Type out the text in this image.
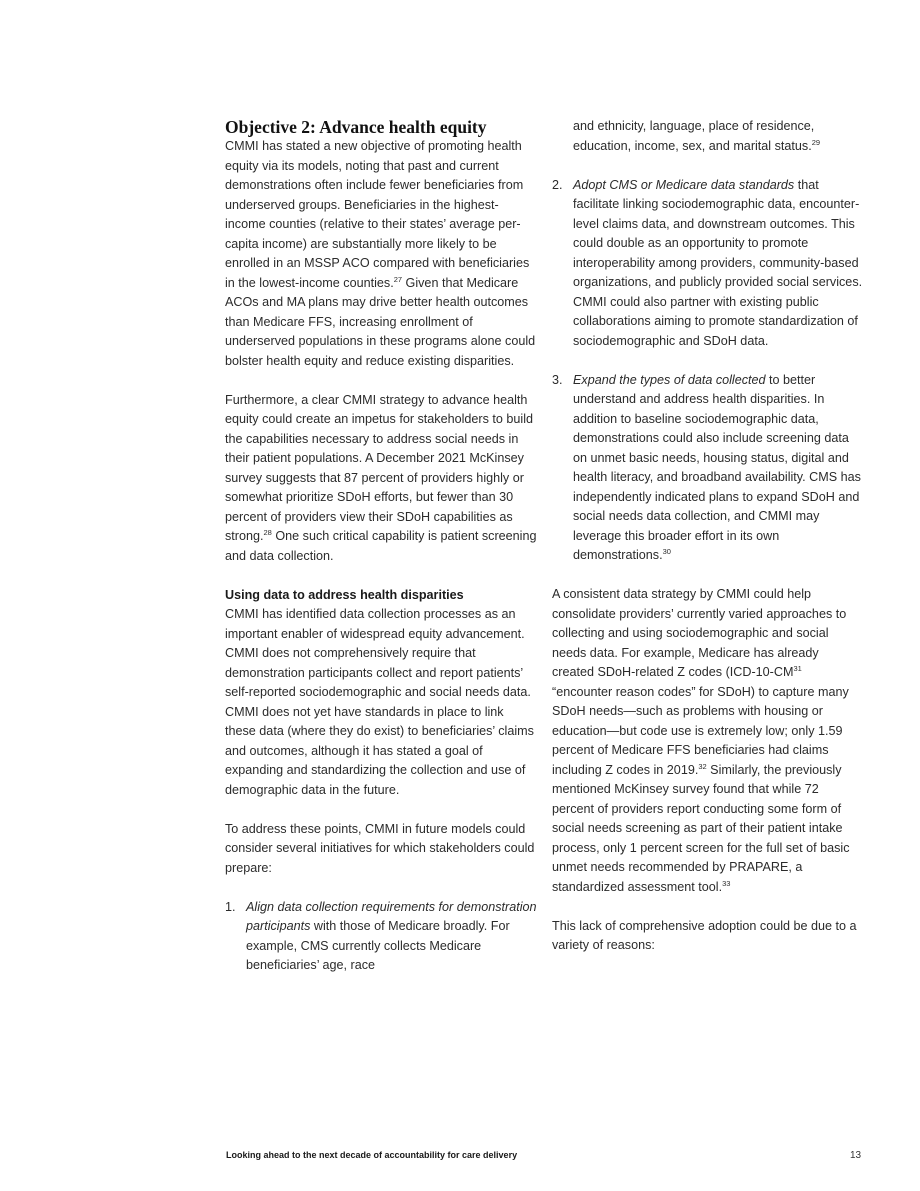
Objective 2: Advance health equity

CMMI has stated a new objective of promoting health equity via its models, noting that past and current demonstrations often include fewer beneficiaries from underserved groups. Beneficiaries in the highest-income counties (relative to their states’ average per-capita income) are substantially more likely to be enrolled in an MSSP ACO compared with beneficiaries in the lowest-income counties.$^{27}$ Given that Medicare ACOs and MA plans may drive better health outcomes than Medicare FFS, increasing enrollment of underserved populations in these programs alone could bolster health equity and reduce existing disparities.

Furthermore, a clear CMMI strategy to advance health equity could create an impetus for stakeholders to build the capabilities necessary to address social needs in their patient populations. A December 2021 McKinsey survey suggests that 87 percent of providers highly or somewhat prioritize SDoH efforts, but fewer than 30 percent of providers view their SDoH capabilities as strong.$^{28}$ One such critical capability is patient screening and data collection.

Using data to address health disparities

CMMI has identified data collection processes as an important enabler of widespread equity advancement. CMMI does not comprehensively require that demonstration participants collect and report patients’ self-reported sociodemographic and social needs data. CMMI does not yet have standards in place to link these data (where they do exist) to beneficiaries’ claims and outcomes, although it has stated a goal of expanding and standardizing the collection and use of demographic data in the future.

To address these points, CMMI in future models could consider several initiatives for which stakeholders could prepare:

1. Align data collection requirements for demonstration participants with those of Medicare broadly. For example, CMS currently collects Medicare beneficiaries’ age, race

and ethnicity, language, place of residence, education, income, sex, and marital status.$^{29}$

2. Adopt CMS or Medicare data standards that facilitate linking sociodemographic data, encounter-level claims data, and downstream outcomes. This could double as an opportunity to promote interoperability among providers, community-based organizations, and publicly provided social services. CMMI could also partner with existing public collaborations aiming to promote standardization of sociodemographic and SDoH data.

3. Expand the types of data collected to better understand and address health disparities. In addition to baseline sociodemographic data, demonstrations could also include screening data on unmet basic needs, housing status, digital and health literacy, and broadband availability. CMS has independently indicated plans to expand SDoH and social needs data collection, and CMMI may leverage this broader effort in its own demonstrations.$^{30}$

A consistent data strategy by CMMI could help consolidate providers’ currently varied approaches to collecting and using sociodemographic and social needs data. For example, Medicare has already created SDoH-related Z codes (ICD-10-CM$^{31}$ “encounter reason codes” for SDoH) to capture many SDoH needs—such as problems with housing or education—but code use is extremely low; only 1.59 percent of Medicare FFS beneficiaries had claims including Z codes in 2019.32 Similarly, the previously mentioned McKinsey survey found that while 72 percent of providers report conducting some form of social needs screening as part of their patient intake process, only 1 percent screen for the full set of basic unmet needs recommended by PRAPARE, a standardized assessment tool.$^{33}$

This lack of comprehensive adoption could be due to a variety of reasons:

Looking ahead to the next decade of accountability for care delivery	13
